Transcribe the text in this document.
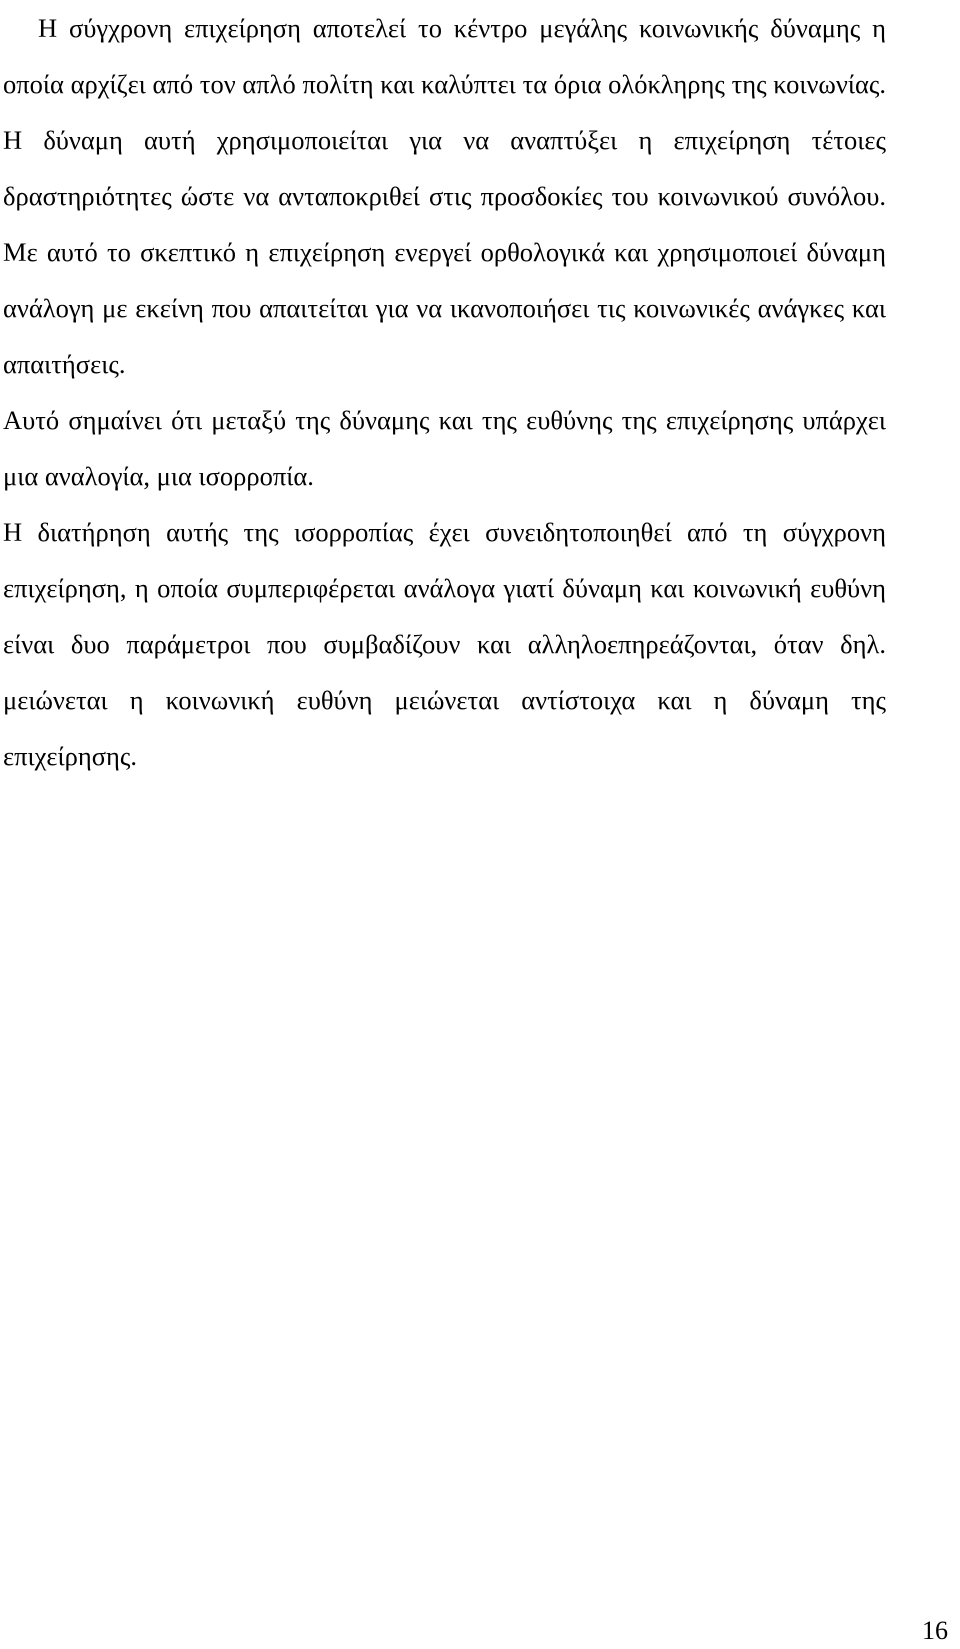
Η σύγχρονη επιχείρηση αποτελεί το κέντρο μεγάλης κοινωνικής δύναμης η οποία αρχίζει από τον απλό πολίτη και καλύπτει τα όρια ολόκληρης της κοινωνίας. Η δύναμη αυτή χρησιμοποιείται για να αναπτύξει η επιχείρηση τέτοιες δραστηριότητες ώστε να ανταποκριθεί στις προσδοκίες του κοινωνικού συνόλου. Με αυτό το σκεπτικό η επιχείρηση ενεργεί ορθολογικά και χρησιμοποιεί δύναμη ανάλογη με εκείνη που απαιτείται για να ικανοποιήσει τις κοινωνικές ανάγκες και απαιτήσεις.

Αυτό σημαίνει ότι μεταξύ της δύναμης και της ευθύνης της επιχείρησης υπάρχει μια αναλογία, μια ισορροπία.

Η διατήρηση αυτής της ισορροπίας έχει συνειδητοποιηθεί από τη σύγχρονη επιχείρηση, η οποία συμπεριφέρεται ανάλογα γιατί δύναμη και κοινωνική ευθύνη είναι δυο παράμετροι που συμβαδίζουν και αλληλοεπηρεάζονται, όταν δηλ. μειώνεται η κοινωνική ευθύνη μειώνεται αντίστοιχα και η δύναμη της επιχείρησης.

16
